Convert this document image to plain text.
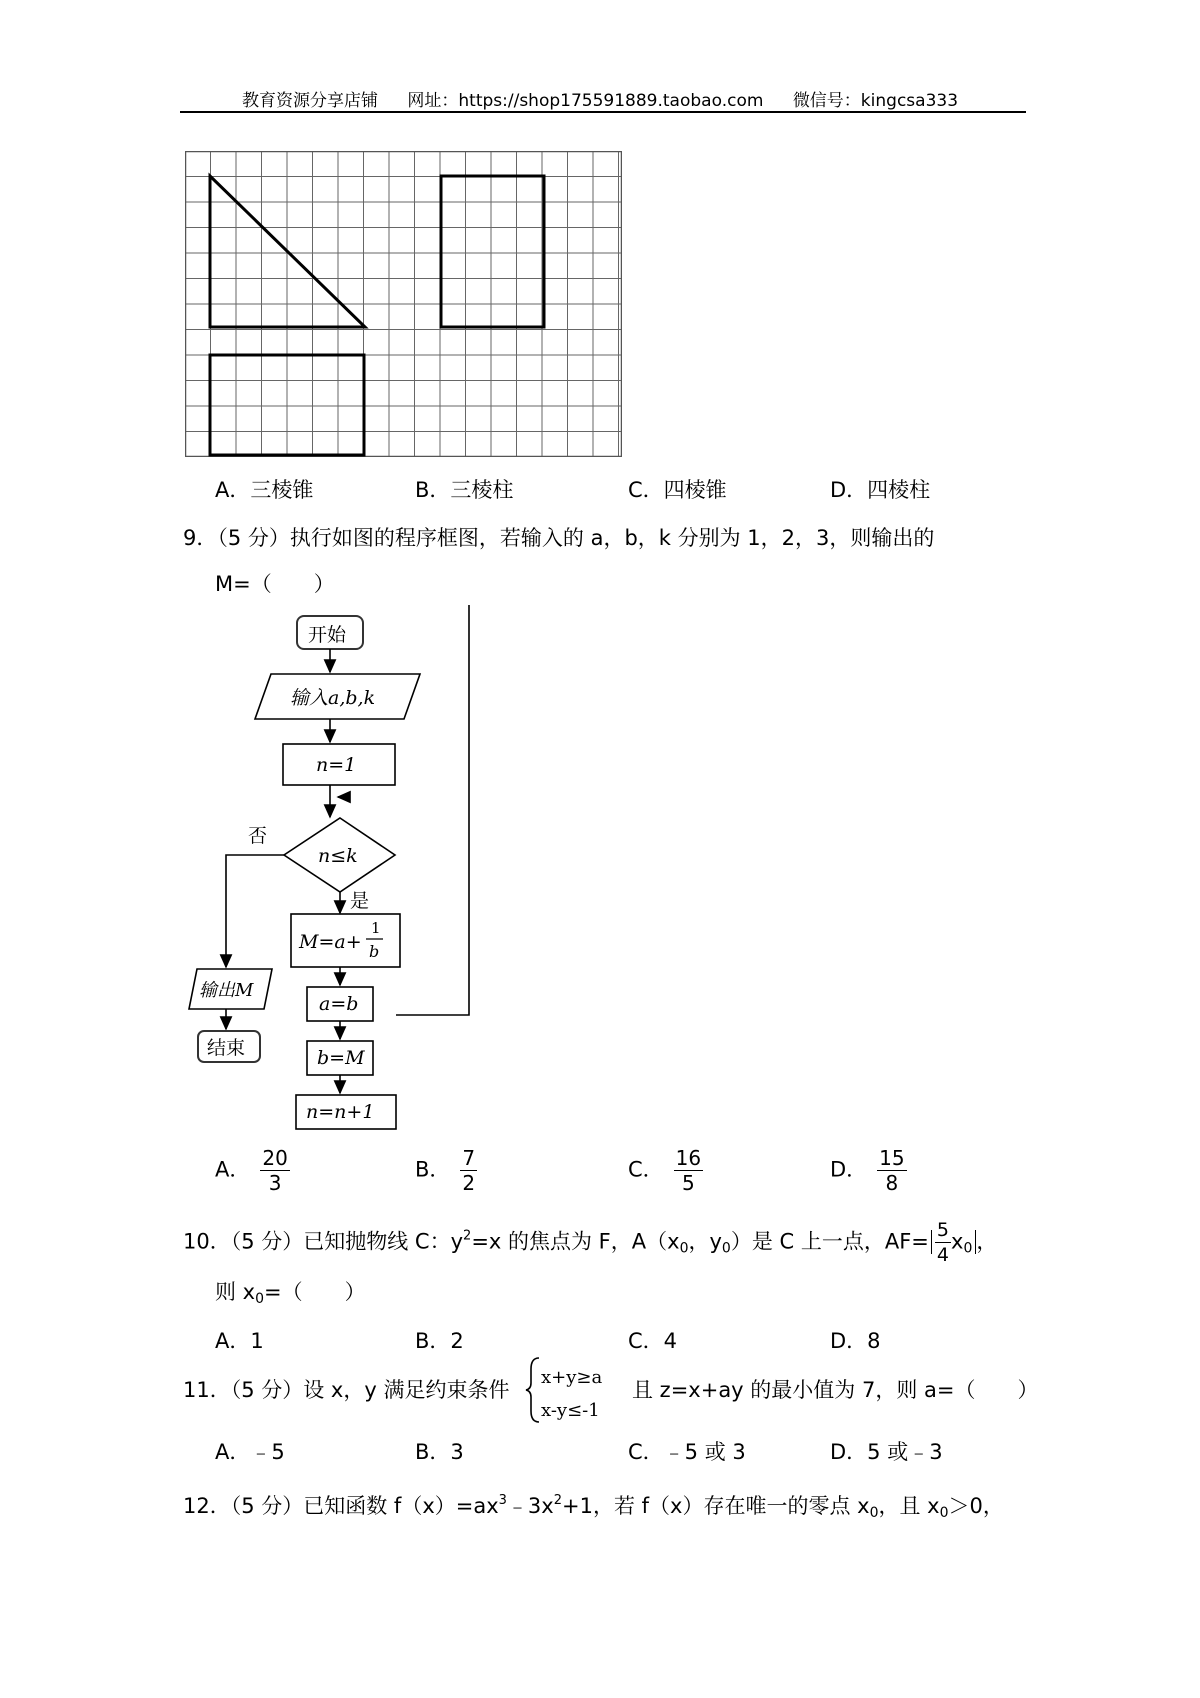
教育资源分享店铺 网址：https://shop175591889.taobao.com 微信号：kingcsa333
A．三棱锥	B．三棱柱	C．四棱锥	D．四棱柱
9．（5 分）执行如图的程序框图，若输入的 a，b，k 分别为 1，2，3，则输出的
M=（　　）
开始
输入a,b,k
n=1
n≤k
是
否
M=a+
1
b
a=b
b=M
n=n+1
输出M
结束
A． $\frac{20}{3}$	B． $\frac{7}{2}$	C． $\frac{16}{5}$	D． $\frac{15}{8}$
10．（5 分）已知抛物线 C：$y^2=x$ 的焦点为 F，$A(x_0$，$y_0$）是 C 上一点，$AF= \frac{5}{4} x_0$ ，
则 $x_0=$（　　）
A．1	B．2	C．4	D．8
11．（5 分）设 x，y 满足约束条件
x+y≥a
x-y≤-1
且 z=x+ay 的最小值为 7，则 a=（　　）
A．﹣5	B．3	C．﹣5 或 3	D．5 或﹣3
12．（5 分）已知函数 $f(x)=ax^3﹣3x^2+1$，若 f（x）存在唯一的零点 $x_0$，且 $x_0>0$，
